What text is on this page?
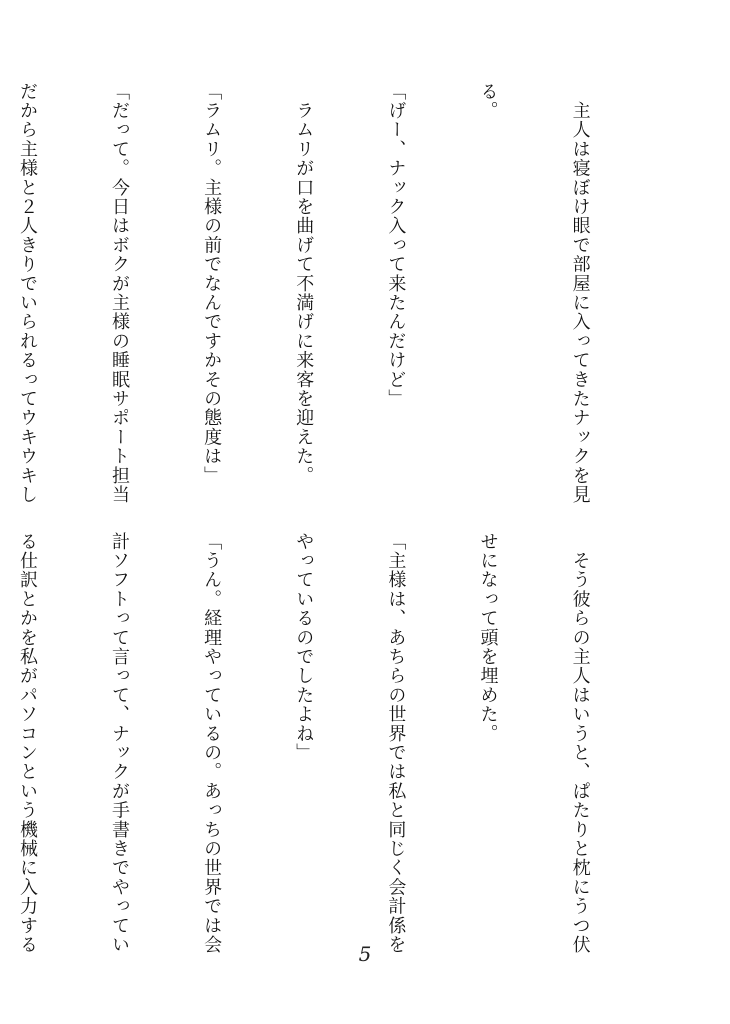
　主人は寝ぼけ眼で部屋に入ってきたナックを見

る。

「げー、ナック入って来たんだけど」

　ラムリが口を曲げて不満げに来客を迎えた。

「ラムリ。主様の前でなんですかその態度は」

「だって。今日はボクが主様の睡眠サポート担当

だから主様と２人きりでいられるってウキウキし

　そう彼らの主人はいうと、ぱたりと枕にうつ伏

せになって頭を埋めた。

「主様は、あちらの世界では私と同じく会計係を

やっているのでしたよね」

「うん。経理やっているの。あっちの世界では会

計ソフトって言って、ナックが手書きでやってい

る仕訳とかを私がパソコンという機械に入力する

	5
